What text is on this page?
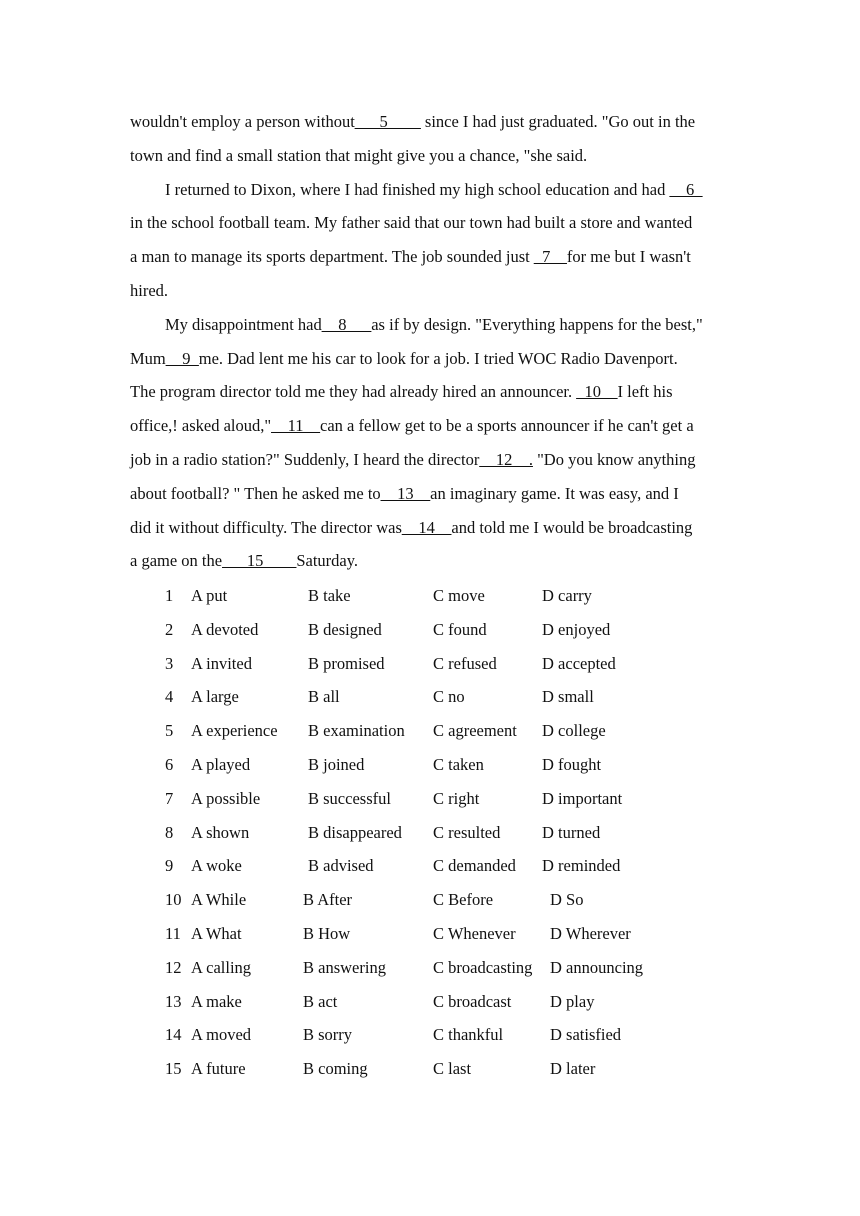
wouldn't employ a person without___5____ since I had just graduated. "Go out in the
town and find a small station that might give you a chance, "she said.
I returned to Dixon, where I had finished my high school education and had __6_
in the school football team. My father said that our town had built a store and wanted
a man to manage its sports department. The job sounded just _7__for me but I wasn't
hired.
My disappointment had__8___as if by design. "Everything happens for the best,"
Mum__9_me. Dad lent me his car to look for a job. I tried WOC Radio Davenport.
The program director told me they had already hired an announcer. _10__I left his
office,! asked aloud,"__11__can a fellow get to be a sports announcer if he can't get a
job in a radio station?" Suddenly, I heard the director__12__. "Do you know anything
about football? " Then he asked me to__13__an imaginary game. It was easy, and I
did it without difficulty. The director was__14__and told me I would be broadcasting
a game on the___15____Saturday.
1 A put	B take	C move	D carry
2 A devoted	B designed	C found	D enjoyed
3 A invited	B promised	C refused	D accepted
4 A large	B all	C no	D small
5 A experience B examination C agreement D college
6 A played	B joined	C taken	D fought
7 A possible	B successful	C right	D important
8 A shown	B disappeared C resulted	D turned
9 A woke	B advised	C demanded D reminded
10 A While	B After	C Before	D So
11 A What	B How	C Whenever D Wherever
12 A calling	B answering	C broadcasting D announcing
13 A make	B act	C broadcast D play
14 A moved	B sorry	C thankful	D satisfied
15 A future	B coming	C last	D later
